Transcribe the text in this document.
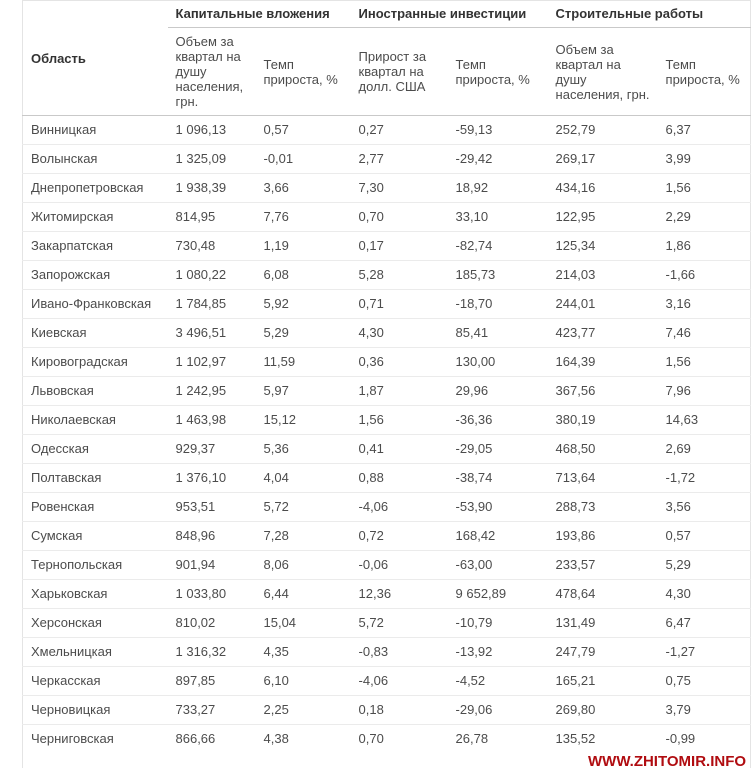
Область	Капитальные вложения		Иностранные инвестиции		Строительные работы	
	Объем за квартал на душу населения, грн.	Темп прироста, %	Прирост за квартал на долл. США	Темп прироста, %	Объем за квартал на душу населения, грн.	Темп прироста, %
Винницкая	1 096,13	0,57	0,27	-59,13	252,79	6,37
Волынская	1 325,09	-0,01	2,77	-29,42	269,17	3,99
Днепропетровская	1 938,39	3,66	7,30	18,92	434,16	1,56
Житомирская	814,95	7,76	0,70	33,10	122,95	2,29
Закарпатская	730,48	1,19	0,17	-82,74	125,34	1,86
Запорожская	1 080,22	6,08	5,28	185,73	214,03	-1,66
Ивано-Франковская	1 784,85	5,92	0,71	-18,70	244,01	3,16
Киевская	3 496,51	5,29	4,30	85,41	423,77	7,46
Кировоградская	1 102,97	11,59	0,36	130,00	164,39	1,56
Львовская	1 242,95	5,97	1,87	29,96	367,56	7,96
Николаевская	1 463,98	15,12	1,56	-36,36	380,19	14,63
Одесская	929,37	5,36	0,41	-29,05	468,50	2,69
Полтавская	1 376,10	4,04	0,88	-38,74	713,64	-1,72
Ровенская	953,51	5,72	-4,06	-53,90	288,73	3,56
Сумская	848,96	7,28	0,72	168,42	193,86	0,57
Тернопольская	901,94	8,06	-0,06	-63,00	233,57	5,29
Харьковская	1 033,80	6,44	12,36	9 652,89	478,64	4,30
Херсонская	810,02	15,04	5,72	-10,79	131,49	6,47
Хмельницкая	1 316,32	4,35	-0,83	-13,92	247,79	-1,27
Черкасская	897,85	6,10	-4,06	-4,52	165,21	0,75
Черновицкая	733,27	2,25	0,18	-29,06	269,80	3,79
Черниговская	866,66	4,38	0,70	26,78	135,52	-0,99
WWW.ZHITOMIR.INFO						
